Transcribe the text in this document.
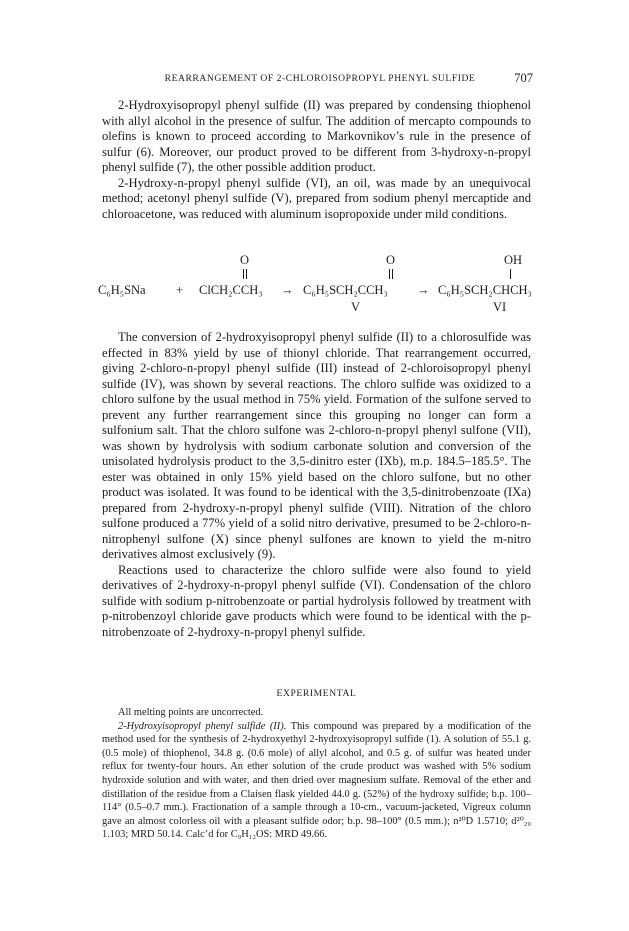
REARRANGEMENT OF 2-CHLOROISOPROPYL PHENYL SULFIDE	707

2-Hydroxyisopropyl phenyl sulfide (II) was prepared by condensing thiophenol with allyl alcohol in the presence of sulfur. The addition of mercapto compounds to olefins is known to proceed according to Markovnikov’s rule in the presence of sulfur (6). Moreover, our product proved to be different from 3-hydroxy-n-propyl phenyl sulfide (7), the other possible addition product.

2-Hydroxy-n-propyl phenyl sulfide (VI), an oil, was made by an unequivocal method; acetonyl phenyl sulfide (V), prepared from sodium phenyl mercaptide and chloroacetone, was reduced with aluminum isopropoxide under mild conditions.

O	O	OH
C₆H₅SNa + ClCH₂CCH₃ → C₆H₅SCH₂CCH₃ → C₆H₅SCH₂CHCH₃
V	VI

The conversion of 2-hydroxyisopropyl phenyl sulfide (II) to a chlorosulfide was effected in 83% yield by use of thionyl chloride. That rearrangement occurred, giving 2-chloro-n-propyl phenyl sulfide (III) instead of 2-chloroisopropyl phenyl sulfide (IV), was shown by several reactions. The chloro sulfide was oxidized to a chloro sulfone by the usual method in 75% yield. Formation of the sulfone served to prevent any further rearrangement since this grouping no longer can form a sulfonium salt. That the chloro sulfone was 2-chloro-n-propyl phenyl sulfone (VII), was shown by hydrolysis with sodium carbonate solution and conversion of the unisolated hydrolysis product to the 3,5-dinitro ester (IXb), m.p. 184.5–185.5°. The ester was obtained in only 15% yield based on the chloro sulfone, but no other product was isolated. It was found to be identical with the 3,5-dinitrobenzoate (IXa) prepared from 2-hydroxy-n-propyl phenyl sulfide (VIII). Nitration of the chloro sulfone produced a 77% yield of a solid nitro derivative, presumed to be 2-chloro-n-nitrophenyl sulfone (X) since phenyl sulfones are known to yield the m-nitro derivatives almost exclusively (9).

Reactions used to characterize the chloro sulfide were also found to yield derivatives of 2-hydroxy-n-propyl phenyl sulfide (VI). Condensation of the chloro sulfide with sodium p-nitrobenzoate or partial hydrolysis followed by treatment with p-nitrobenzoyl chloride gave products which were found to be identical with the p-nitrobenzoate of 2-hydroxy-n-propyl phenyl sulfide.

EXPERIMENTAL

All melting points are uncorrected.

2-Hydroxyisopropyl phenyl sulfide (II). This compound was prepared by a modification of the method used for the synthesis of 2-hydroxyethyl 2-hydroxyisopropyl sulfide (1). A solution of 55.1 g. (0.5 mole) of thiophenol, 34.8 g. (0.6 mole) of allyl alcohol, and 0.5 g. of sulfur was heated under reflux for twenty-four hours. An ether solution of the crude product was washed with 5% sodium hydroxide solution and with water, and then dried over magnesium sulfate. Removal of the ether and distillation of the residue from a Claisen flask yielded 44.0 g. (52%) of the hydroxy sulfide; b.p. 100–114° (0.5–0.7 mm.). Fractionation of a sample through a 10-cm., vacuum-jacketed, Vigreux column gave an almost colorless oil with a pleasant sulfide odor; b.p. 98–100° (0.5 mm.); n²⁰D 1.5710; d²⁰₂₀ 1.103; MRD 50.14. Calc’d for C₉H₁₂OS: MRD 49.66.
